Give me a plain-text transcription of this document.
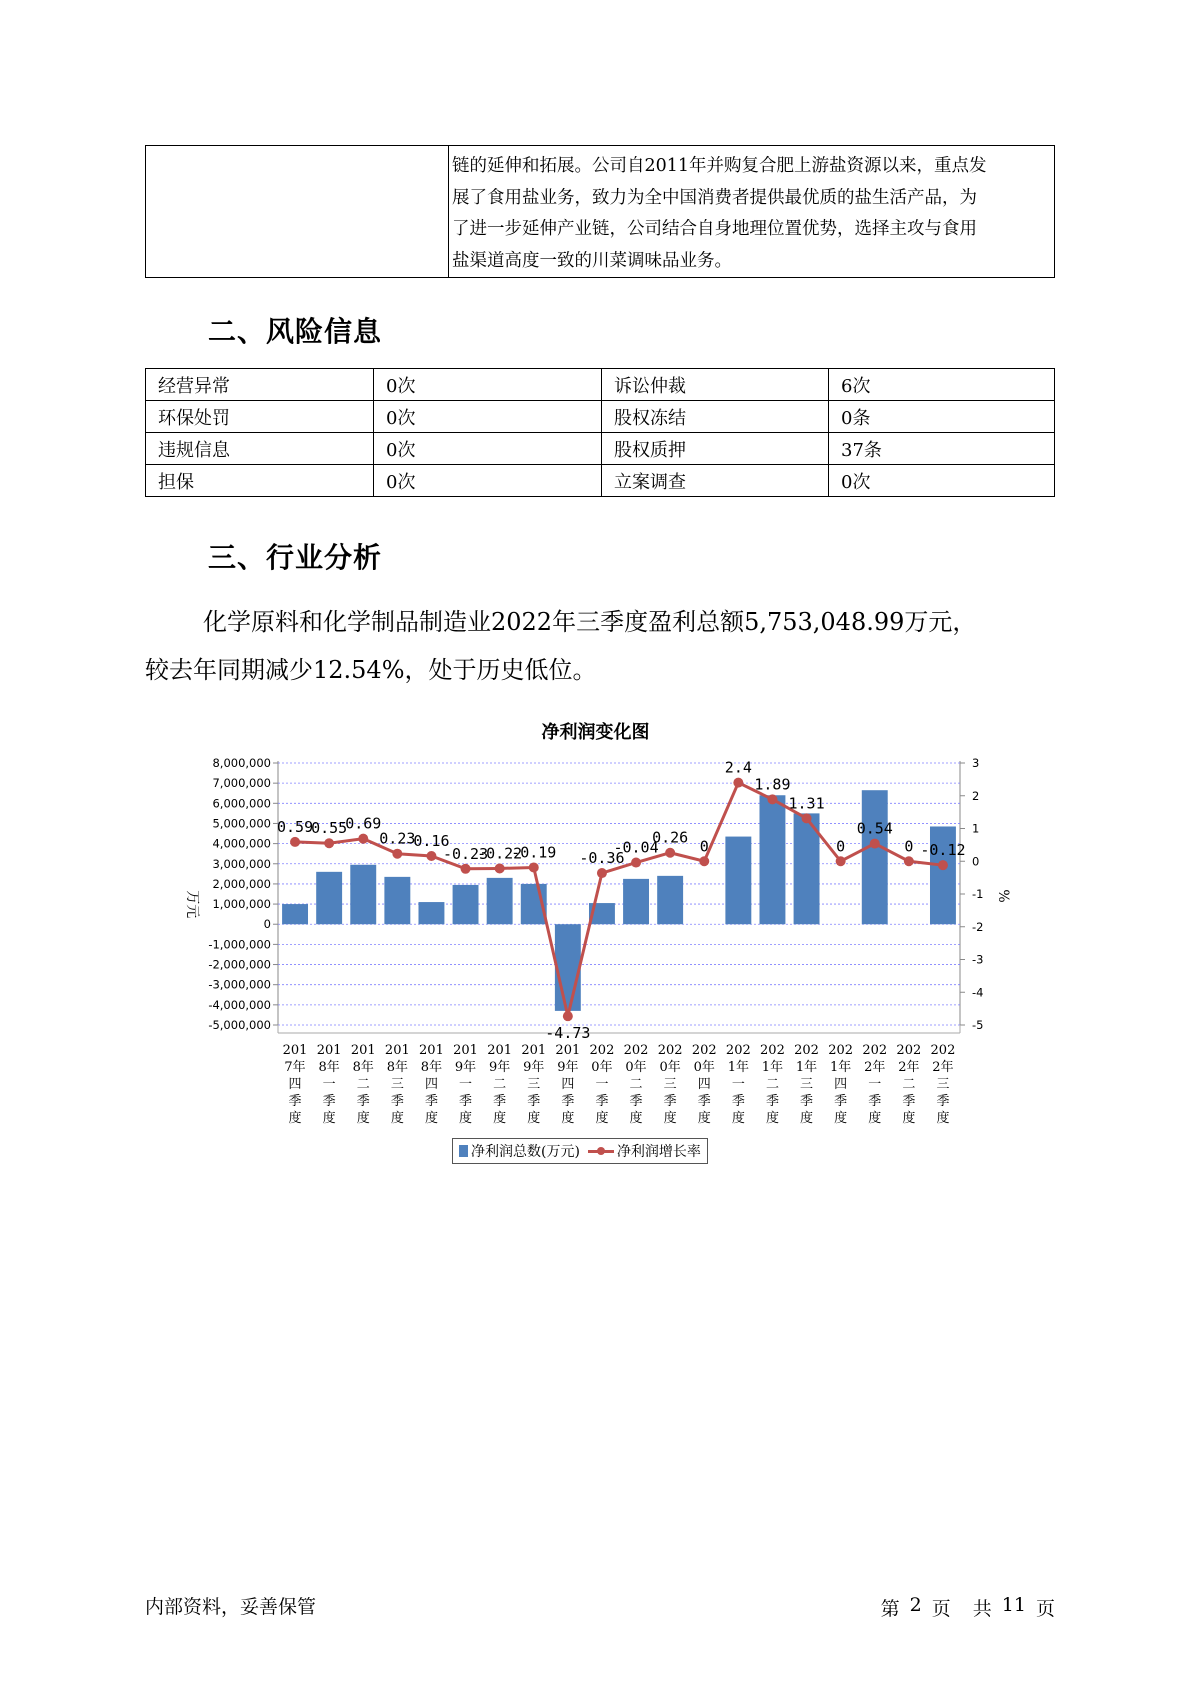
链的延伸和拓展。公司自2011年并购复合肥上游盐资源以来，重点发
展了食用盐业务，致力为全中国消费者提供最优质的盐生活产品，为
了进一步延伸产业链，公司结合自身地理位置优势，选择主攻与食用
盐渠道高度一致的川菜调味品业务。
二、风险信息
经营异常	0次	诉讼仲裁	6次
环保处罚	0次	股权冻结	0条
违规信息	0次	股权质押	37条
担保	0次	立案调查	0次
三、行业分析
化学原料和化学制品制造业2022年三季度盈利总额5,753,048.99万元，
较去年同期减少12.54%，处于历史低位。
净利润变化图
8,000,000
7,000,000
6,000,000
5,000,000
4,000,000
3,000,000
2,000,000
1,000,000
0
-1,000,000
-2,000,000
-3,000,000
-4,000,000
-5,000,000
3
2
1
0
-1
-2
-3
-4
-5
万元	%
201
7年
四
季
度
201
8年
一
季
度
201
8年
二
季
度
201
8年
三
季
度
201
8年
四
季
度
201
9年
一
季
度
201
9年
二
季
度
201
9年
三
季
度
201
9年
四
季
度
202
0年
一
季
度
202
0年
二
季
度
202
0年
三
季
度
202
0年
四
季
度
202
1年
一
季
度
202
1年
二
季
度
202
1年
三
季
度
202
1年
四
季
度
202
2年
一
季
度
202
2年
二
季
度
202
2年
三
季
度
0.59
0.55
0.69
0.23
0.16
-0.23
-0.22
-0.19
-4.73
-0.36
-0.04
0.26 0
2.4
1.89
1.31
0
0.54
0 -0.12
净利润总数(万元)	净利润增长率
内部资料，妥善保管	第 2 页 共 11 页
